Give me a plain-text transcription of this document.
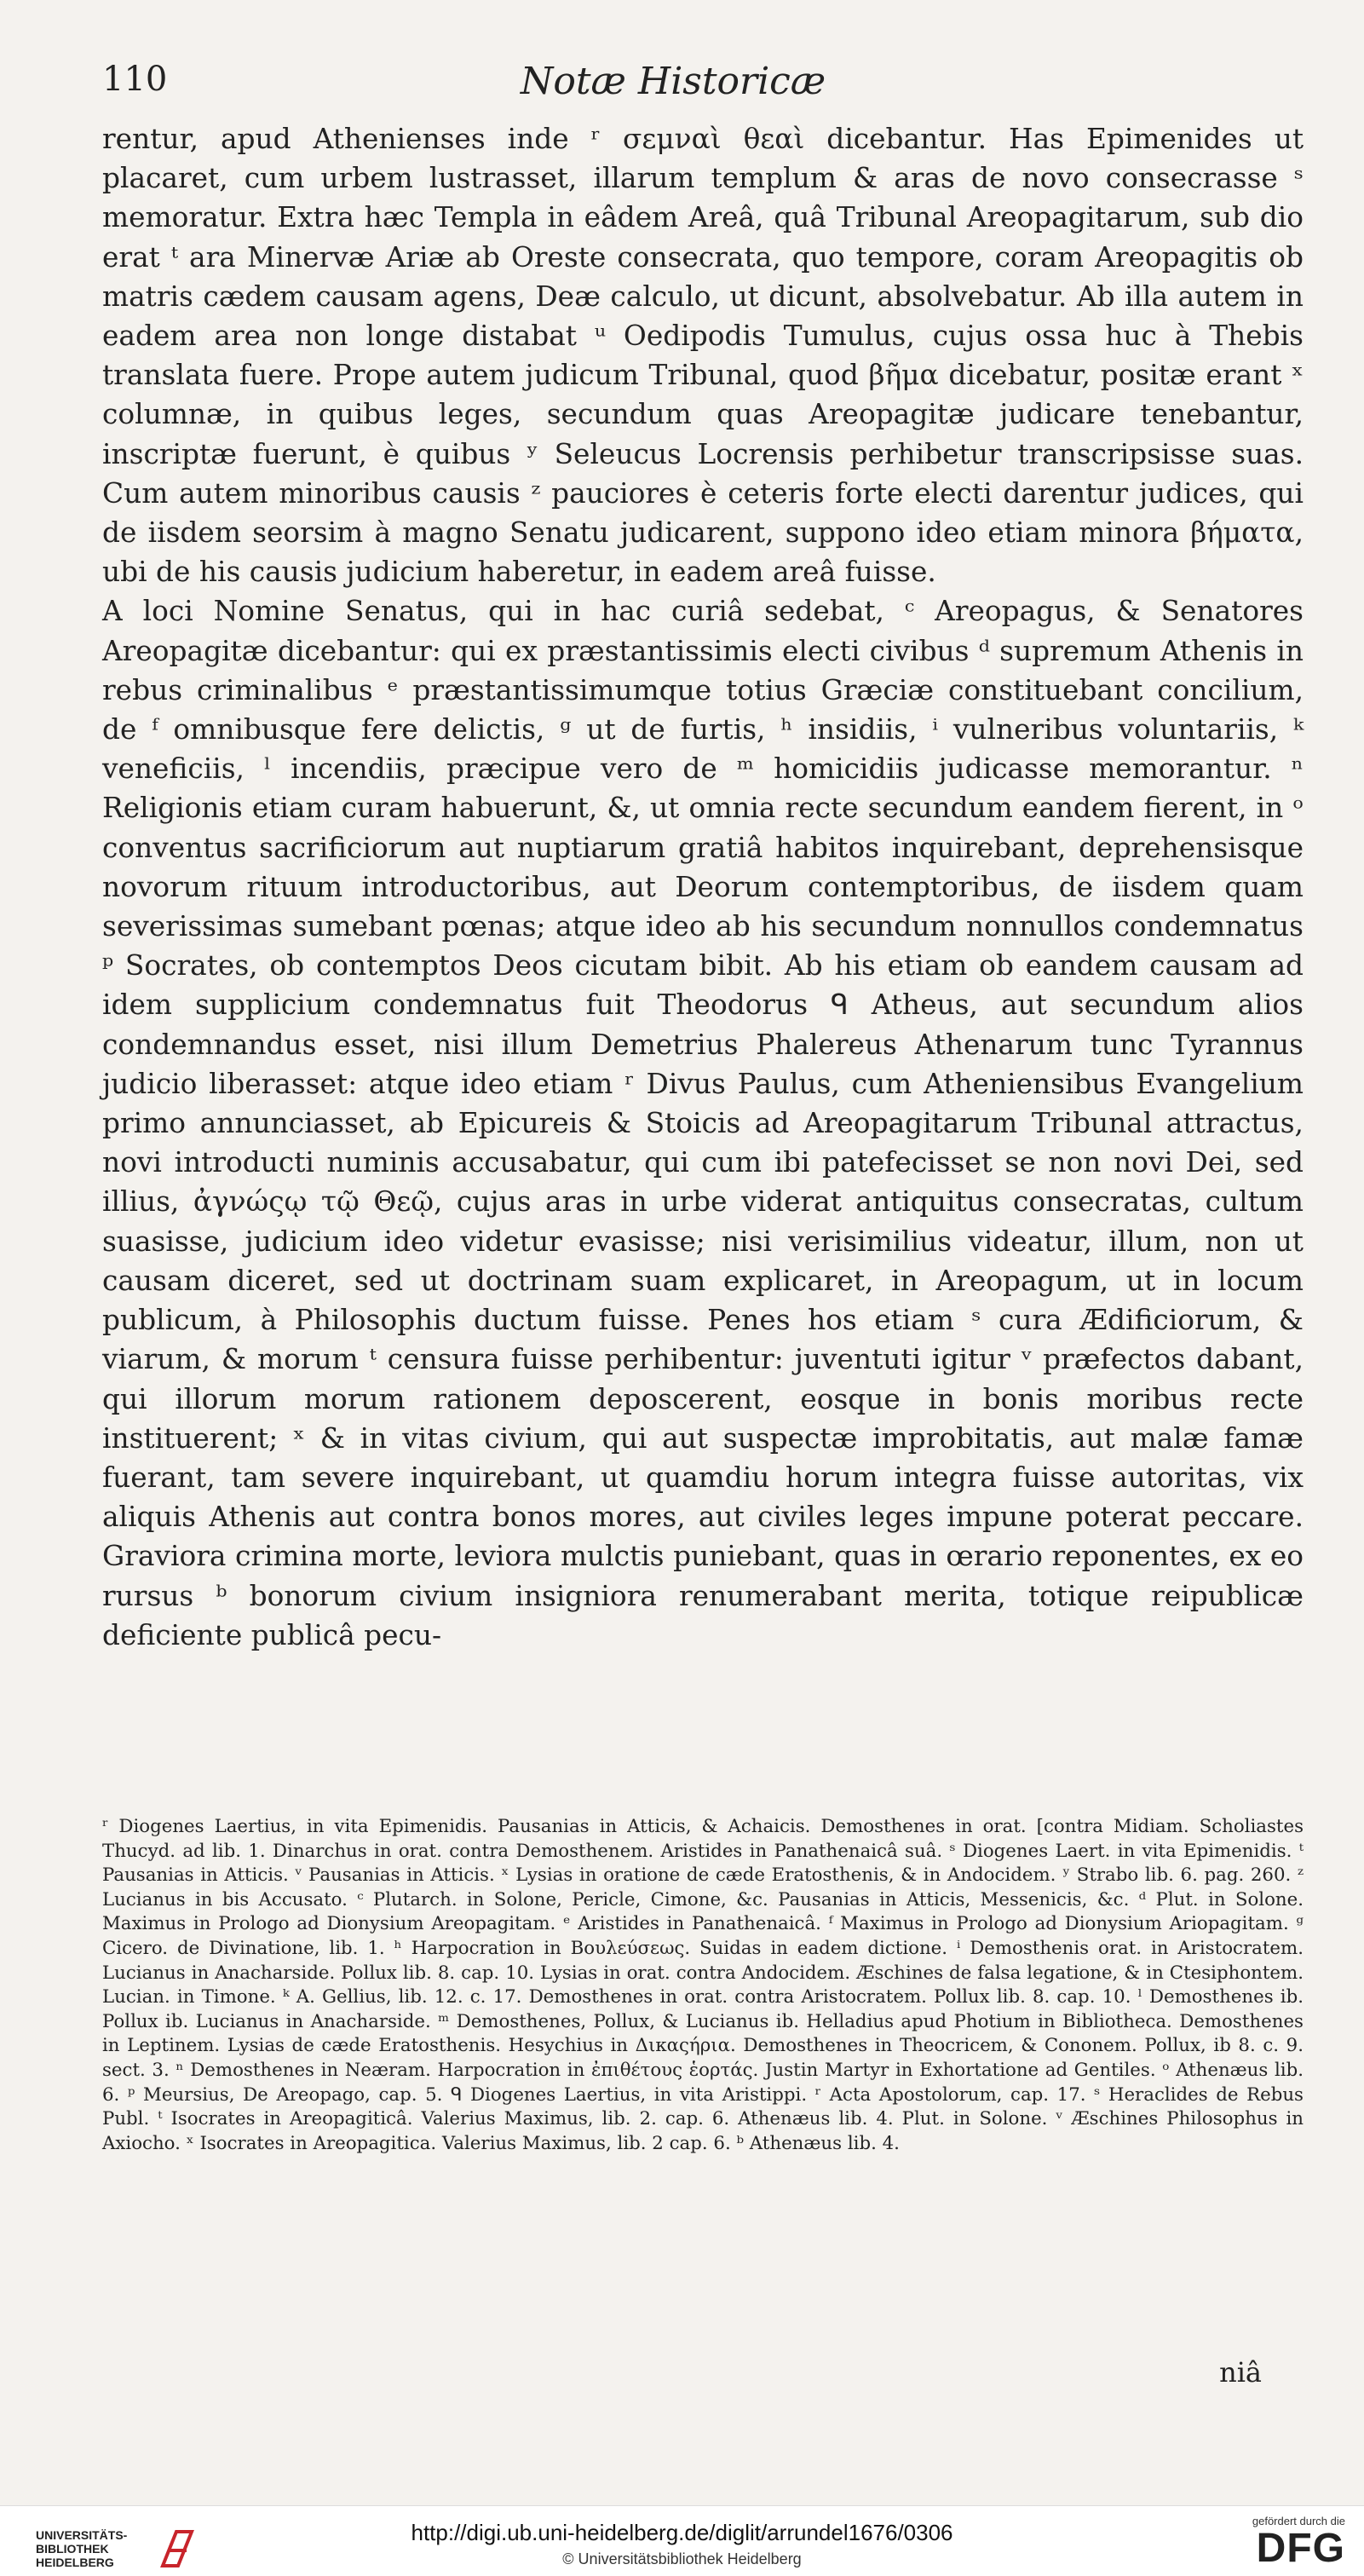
110	Notæ Historicæ
rentur, apud Athenienses inde ʳ σεμναὶ θεαὶ dicebantur. Has Epimenides ut placaret, cum urbem lustrasset, illarum templum & aras de novo consecrasse ˢ memoratur. Extra hæc Templa in eâdem Areâ, quâ Tribunal Areopagitarum, sub dio erat ᵗ ara Minervæ Ariæ ab Oreste consecrata, quo tempore, coram Areopagitis ob matris cædem causam agens, Deæ calculo, ut dicunt, absolvebatur. Ab illa autem in eadem area non longe distabat ᵘ Oedipodis Tumulus, cujus ossa huc à Thebis translata fuere. Prope autem judicum Tribunal, quod βῆμα dicebatur, positæ erant ˣ columnæ, in quibus leges, secundum quas Areopagitæ judicare tenebantur, inscriptæ fuerunt, è quibus ʸ Seleucus Locrensis perhibetur transcripsisse suas. Cum autem minoribus causis ᶻ pauciores è ceteris forte electi darentur judices, qui de iisdem seorsim à magno Senatu judicarent, suppono ideo etiam minora βήματα, ubi de his causis judicium haberetur, in eadem areâ fuisse.
A loci Nomine Senatus, qui in hac curiâ sedebat, ᶜ Areopagus, & Senatores Areopagitæ dicebantur: qui ex præstantissimis electi civibus ᵈ supremum Athenis in rebus criminalibus ᵉ præstantissimumque totius Græciæ constituebant concilium, de ᶠ omnibusque fere delictis, ᵍ ut de furtis, ʰ insidiis, ⁱ vulneribus voluntariis, ᵏ veneficiis, ˡ incendiis, præcipue vero de ᵐ homicidiis judicasse memorantur. ⁿ Religionis etiam curam habuerunt, &, ut omnia recte secundum eandem fierent, in ᵒ conventus sacrificiorum aut nuptiarum gratiâ habitos inquirebant, deprehensisque novorum rituum introductoribus, aut Deorum contemptoribus, de iisdem quam severissimas sumebant pœnas; atque ideo ab his secundum nonnullos condemnatus ᵖ Socrates, ob contemptos Deos cicutam bibit. Ab his etiam ob eandem causam ad idem supplicium condemnatus fuit Theodorus ᑫ Atheus, aut secundum alios condemnandus esset, nisi illum Demetrius Phalereus Athenarum tunc Tyrannus judicio liberasset: atque ideo etiam ʳ Divus Paulus, cum Atheniensibus Evangelium primo annunciasset, ab Epicureis & Stoicis ad Areopagitarum Tribunal attractus, novi introducti numinis accusabatur, qui cum ibi patefecisset se non novi Dei, sed illius, ἀγνώςῳ τῷ Θεῷ, cujus aras in urbe viderat antiquitus consecratas, cultum suasisse, judicium ideo videtur evasisse; nisi verisimilius videatur, illum, non ut causam diceret, sed ut doctrinam suam explicaret, in Areopagum, ut in locum publicum, à Philosophis ductum fuisse. Penes hos etiam ˢ cura Ædificiorum, & viarum, & morum ᵗ censura fuisse perhibentur: juventuti igitur ᵛ præfectos dabant, qui illorum morum rationem deposcerent, eosque in bonis moribus recte instituerent; ˣ & in vitas civium, qui aut suspectæ improbitatis, aut malæ famæ fuerant, tam severe inquirebant, ut quamdiu horum integra fuisse autoritas, vix aliquis Athenis aut contra bonos mores, aut civiles leges impune poterat peccare. Graviora crimina morte, leviora mulctis puniebant, quas in œrario reponentes, ex eo rursus ᵇ bonorum civium insigniora renumerabant merita, totique reipublicæ deficiente publicâ pecu-
ʳ Diogenes Laertius, in vita Epimenidis. Pausanias in Atticis, & Achaicis. Demosthenes in orat. [contra Midiam. Scholiastes Thucyd. ad lib. 1. Dinarchus in orat. contra Demosthenem. Aristides in Panathenaicâ suâ. ˢ Diogenes Laert. in vita Epimenidis. ᵗ Pausanias in Atticis. ᵛ Pausanias in Atticis. ˣ Lysias in oratione de cæde Eratosthenis, & in Andocidem. ʸ Strabo lib. 6. pag. 260. ᶻ Lucianus in bis Accusato. ᶜ Plutarch. in Solone, Pericle, Cimone, &c. Pausanias in Atticis, Messenicis, &c. ᵈ Plut. in Solone. Maximus in Prologo ad Dionysium Areopagitam. ᵉ Aristides in Panathenaicâ. ᶠ Maximus in Prologo ad Dionysium Ariopagitam. ᵍ Cicero. de Divinatione, lib. 1. ʰ Harpocration in Βουλεύσεως. Suidas in eadem dictione. ⁱ Demosthenis orat. in Aristocratem. Lucianus in Anacharside. Pollux lib. 8. cap. 10. Lysias in orat. contra Andocidem. Æschines de falsa legatione, & in Ctesiphontem. Lucian. in Timone. ᵏ A. Gellius, lib. 12. c. 17. Demosthenes in orat. contra Aristocratem. Pollux lib. 8. cap. 10. ˡ Demosthenes ib. Pollux ib. Lucianus in Anacharside. ᵐ Demosthenes, Pollux, & Lucianus ib. Helladius apud Photium in Bibliotheca. Demosthenes in Leptinem. Lysias de cæde Eratosthenis. Hesychius in Δικαςήρια. Demosthenes in Theocricem, & Cononem. Pollux, ib 8. c. 9. sect. 3. ⁿ Demosthenes in Neæram. Harpocration in ἐπιθέτους ἑορτάς. Justin Martyr in Exhortatione ad Gentiles. ᵒ Athenæus lib. 6. ᵖ Meursius, De Areopago, cap. 5. ᑫ Diogenes Laertius, in vita Aristippi. ʳ Acta Apostolorum, cap. 17. ˢ Heraclides de Rebus Publ. ᵗ Isocrates in Areopagiticâ. Valerius Maximus, lib. 2. cap. 6. Athenæus lib. 4. Plut. in Solone. ᵛ Æschines Philosophus in Axiocho. ˣ Isocrates in Areopagitica. Valerius Maximus, lib. 2 cap. 6. ᵇ Athenæus lib. 4.
niâ
UNIVERSITÄTS-
BIBLIOTHEK
HEIDELBERG
http://digi.ub.uni-heidelberg.de/diglit/arrundel1676/0306
© Universitätsbibliothek Heidelberg
gefördert durch die
DFG
